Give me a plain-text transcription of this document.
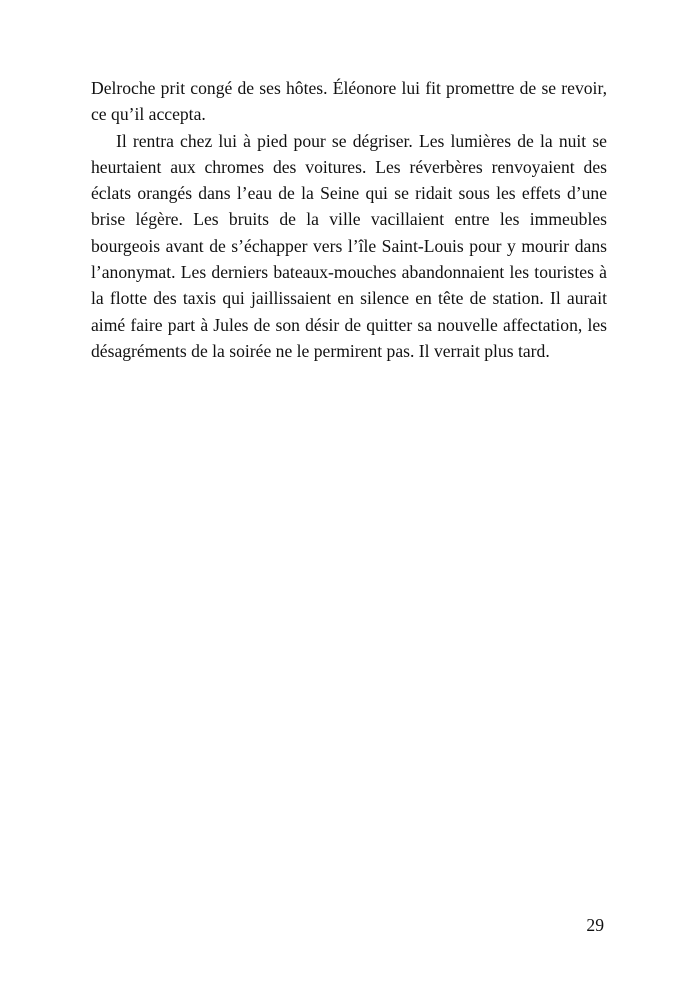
Delroche prit congé de ses hôtes. Éléonore lui fit promettre de se revoir, ce qu’il accepta.

Il rentra chez lui à pied pour se dégriser. Les lumières de la nuit se heurtaient aux chromes des voitures. Les réverbères renvoyaient des éclats orangés dans l’eau de la Seine qui se ridait sous les effets d’une brise légère. Les bruits de la ville vacillaient entre les immeubles bourgeois avant de s’échapper vers l’île Saint-Louis pour y mourir dans l’anonymat. Les derniers bateaux-mouches abandonnaient les touristes à la flotte des taxis qui jaillissaient en silence en tête de station. Il aurait aimé faire part à Jules de son désir de quitter sa nouvelle affectation, les désagréments de la soirée ne le permirent pas. Il verrait plus tard.

29
